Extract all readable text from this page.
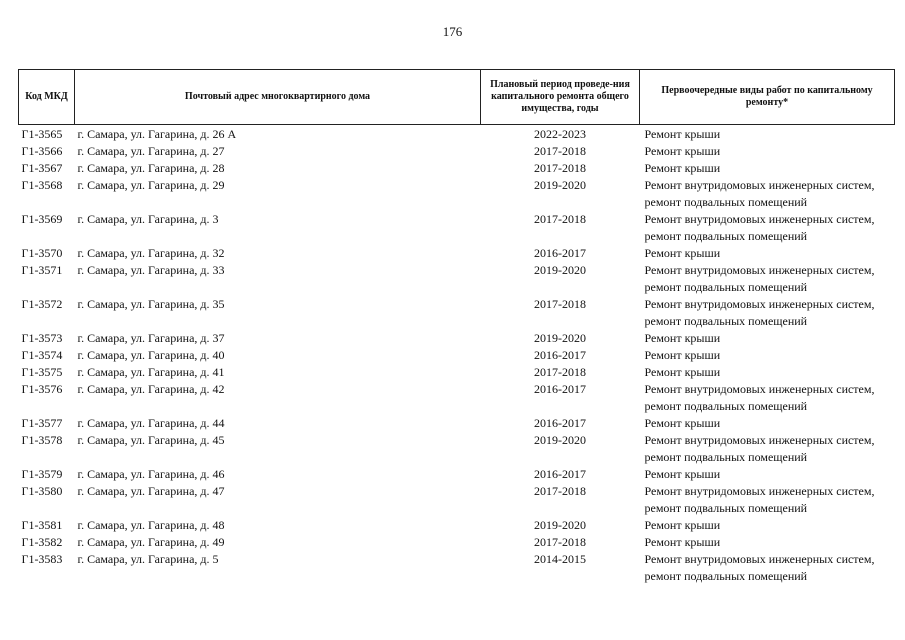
176
Код МКД	Почтовый адрес многоквартирного дома	Плановый период проведе-ния капитального ремонта общего имущества, годы	Первоочередные виды работ по капитальному ремонту*
Г1-3565	г. Самара, ул. Гагарина, д. 26 А	2022-2023	Ремонт крыши
Г1-3566	г. Самара, ул. Гагарина, д. 27	2017-2018	Ремонт крыши
Г1-3567	г. Самара, ул. Гагарина, д. 28	2017-2018	Ремонт крыши
Г1-3568	г. Самара, ул. Гагарина, д. 29	2019-2020	Ремонт внутридомовых инженерных систем, ремонт подвальных помещений
Г1-3569	г. Самара, ул. Гагарина, д. 3	2017-2018	Ремонт внутридомовых инженерных систем, ремонт подвальных помещений
Г1-3570	г. Самара, ул. Гагарина, д. 32	2016-2017	Ремонт крыши
Г1-3571	г. Самара, ул. Гагарина, д. 33	2019-2020	Ремонт внутридомовых инженерных систем, ремонт подвальных помещений
Г1-3572	г. Самара, ул. Гагарина, д. 35	2017-2018	Ремонт внутридомовых инженерных систем, ремонт подвальных помещений
Г1-3573	г. Самара, ул. Гагарина, д. 37	2019-2020	Ремонт крыши
Г1-3574	г. Самара, ул. Гагарина, д. 40	2016-2017	Ремонт крыши
Г1-3575	г. Самара, ул. Гагарина, д. 41	2017-2018	Ремонт крыши
Г1-3576	г. Самара, ул. Гагарина, д. 42	2016-2017	Ремонт внутридомовых инженерных систем, ремонт подвальных помещений
Г1-3577	г. Самара, ул. Гагарина, д. 44	2016-2017	Ремонт крыши
Г1-3578	г. Самара, ул. Гагарина, д. 45	2019-2020	Ремонт внутридомовых инженерных систем, ремонт подвальных помещений
Г1-3579	г. Самара, ул. Гагарина, д. 46	2016-2017	Ремонт крыши
Г1-3580	г. Самара, ул. Гагарина, д. 47	2017-2018	Ремонт внутридомовых инженерных систем, ремонт подвальных помещений
Г1-3581	г. Самара, ул. Гагарина, д. 48	2019-2020	Ремонт крыши
Г1-3582	г. Самара, ул. Гагарина, д. 49	2017-2018	Ремонт крыши
Г1-3583	г. Самара, ул. Гагарина, д. 5	2014-2015	Ремонт внутридомовых инженерных систем, ремонт подвальных помещений
